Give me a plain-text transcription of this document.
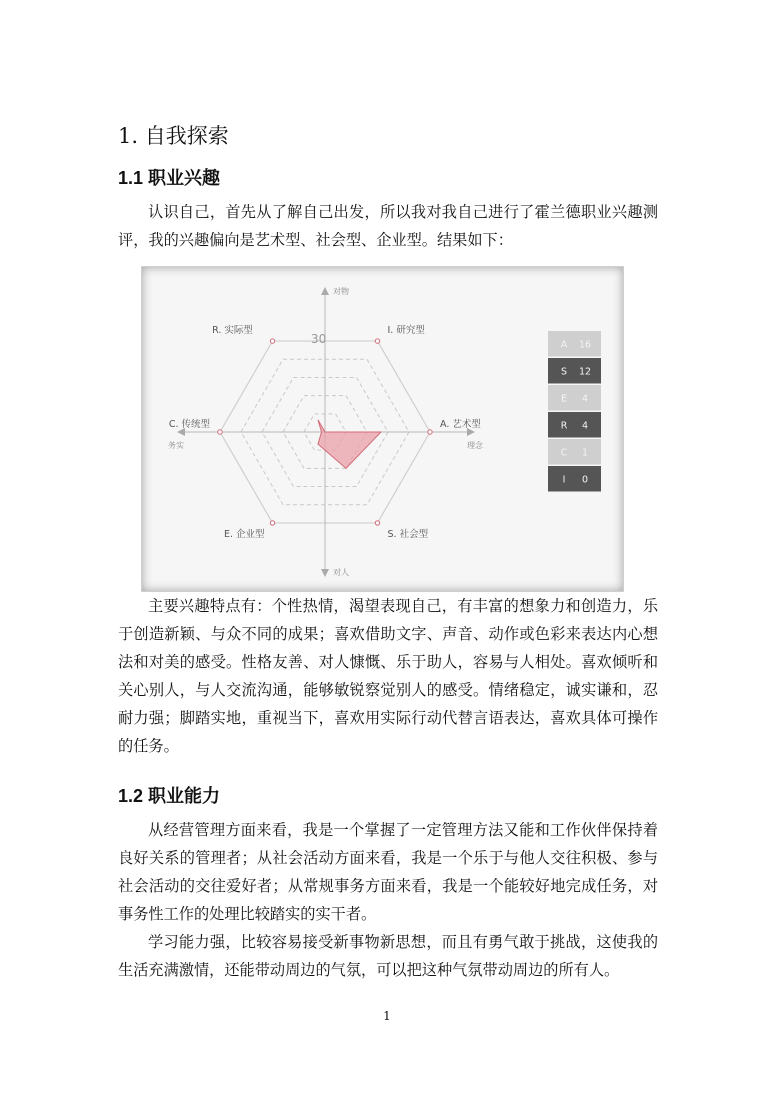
1. 自我探索
1.1 职业兴趣

认识自己，首先从了解自己出发，所以我对我自己进行了霍兰德职业兴趣测评，我的兴趣偏向是艺术型、社会型、企业型。结果如下：

对物
对人
务实	理念
30
R. 实际型	I. 研究型
A. 艺术型
S. 社会型
E. 企业型
C. 传统型
A 16
S 12
E 4
R 4
C 1
I 0

主要兴趣特点有：个性热情，渴望表现自己，有丰富的想象力和创造力，乐于创造新颖、与众不同的成果；喜欢借助文字、声音、动作或色彩来表达内心想法和对美的感受。性格友善、对人慷慨、乐于助人，容易与人相处。喜欢倾听和关心别人，与人交流沟通，能够敏锐察觉别人的感受。情绪稳定，诚实谦和，忍耐力强；脚踏实地，重视当下，喜欢用实际行动代替言语表达，喜欢具体可操作的任务。

1.2 职业能力

从经营管理方面来看，我是一个掌握了一定管理方法又能和工作伙伴保持着良好关系的管理者；从社会活动方面来看，我是一个乐于与他人交往积极、参与社会活动的交往爱好者；从常规事务方面来看，我是一个能较好地完成任务，对事务性工作的处理比较踏实的实干者。

学习能力强，比较容易接受新事物新思想，而且有勇气敢于挑战，这使我的生活充满激情，还能带动周边的气氛，可以把这种气氛带动周边的所有人。

1
